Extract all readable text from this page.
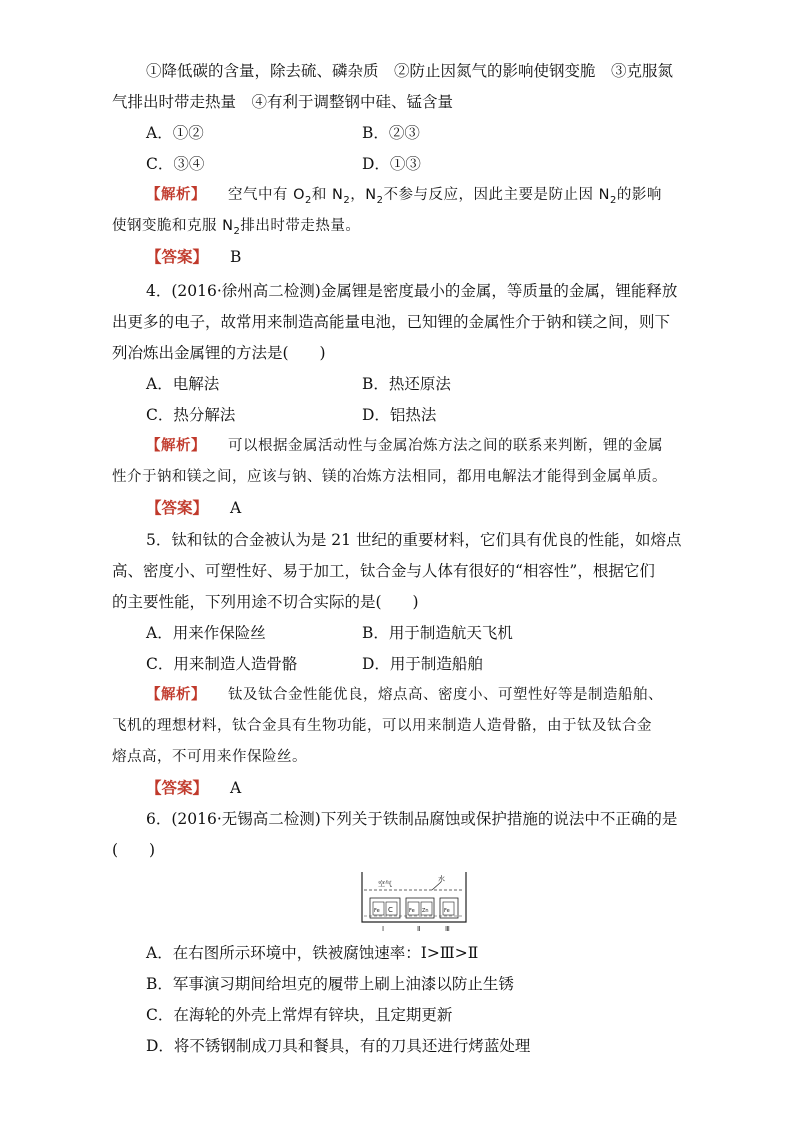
①降低碳的含量，除去硫、磷杂质　②防止因氮气的影响使钢变脆　③克服氮
气排出时带走热量　④有利于调整钢中硅、锰含量
A．①②	B．②③
C．③④	D．①③
【解析】 空气中有 $O_2$和 $N_2$，$N_2$不参与反应，因此主要是防止因 $N_2$的影响
使钢变脆和克服 $N_2$排出时带走热量。
【答案】 B
4．(2016·徐州高二检测)金属锂是密度最小的金属，等质量的金属，锂能释放
出更多的电子，故常用来制造高能量电池，已知锂的金属性介于钠和镁之间，则下
列冶炼出金属锂的方法是(　　)
A．电解法	B．热还原法
C．热分解法	D．铝热法
【解析】 可以根据金属活动性与金属冶炼方法之间的联系来判断，锂的金属
性介于钠和镁之间，应该与钠、镁的冶炼方法相同，都用电解法才能得到金属单质。
【答案】 A
5．钛和钛的合金被认为是 21 世纪的重要材料，它们具有优良的性能，如熔点
高、密度小、可塑性好、易于加工，钛合金与人体有很好的“相容性”，根据它们
的主要性能，下列用途不切合实际的是(　　)
A．用来作保险丝	B．用于制造航天飞机
C．用来制造人造骨骼	D．用于制造船舶
【解析】 钛及钛合金性能优良，熔点高、密度小、可塑性好等是制造船舶、
飞机的理想材料，钛合金具有生物功能，可以用来制造人造骨骼，由于钛及钛合金
熔点高，不可用来作保险丝。
【答案】 A
6．(2016·无锡高二检测)下列关于铁制品腐蚀或保护措施的说法中不正确的是
(　　)
空气
水
Fe C	Fe Zn	Fe
Ⅰ	Ⅱ	Ⅲ
A．在右图所示环境中，铁被腐蚀速率：Ⅰ>Ⅲ>Ⅱ
B．军事演习期间给坦克的履带上刷上油漆以防止生锈
C．在海轮的外壳上常焊有锌块，且定期更新
D．将不锈钢制成刀具和餐具，有的刀具还进行烤蓝处理
